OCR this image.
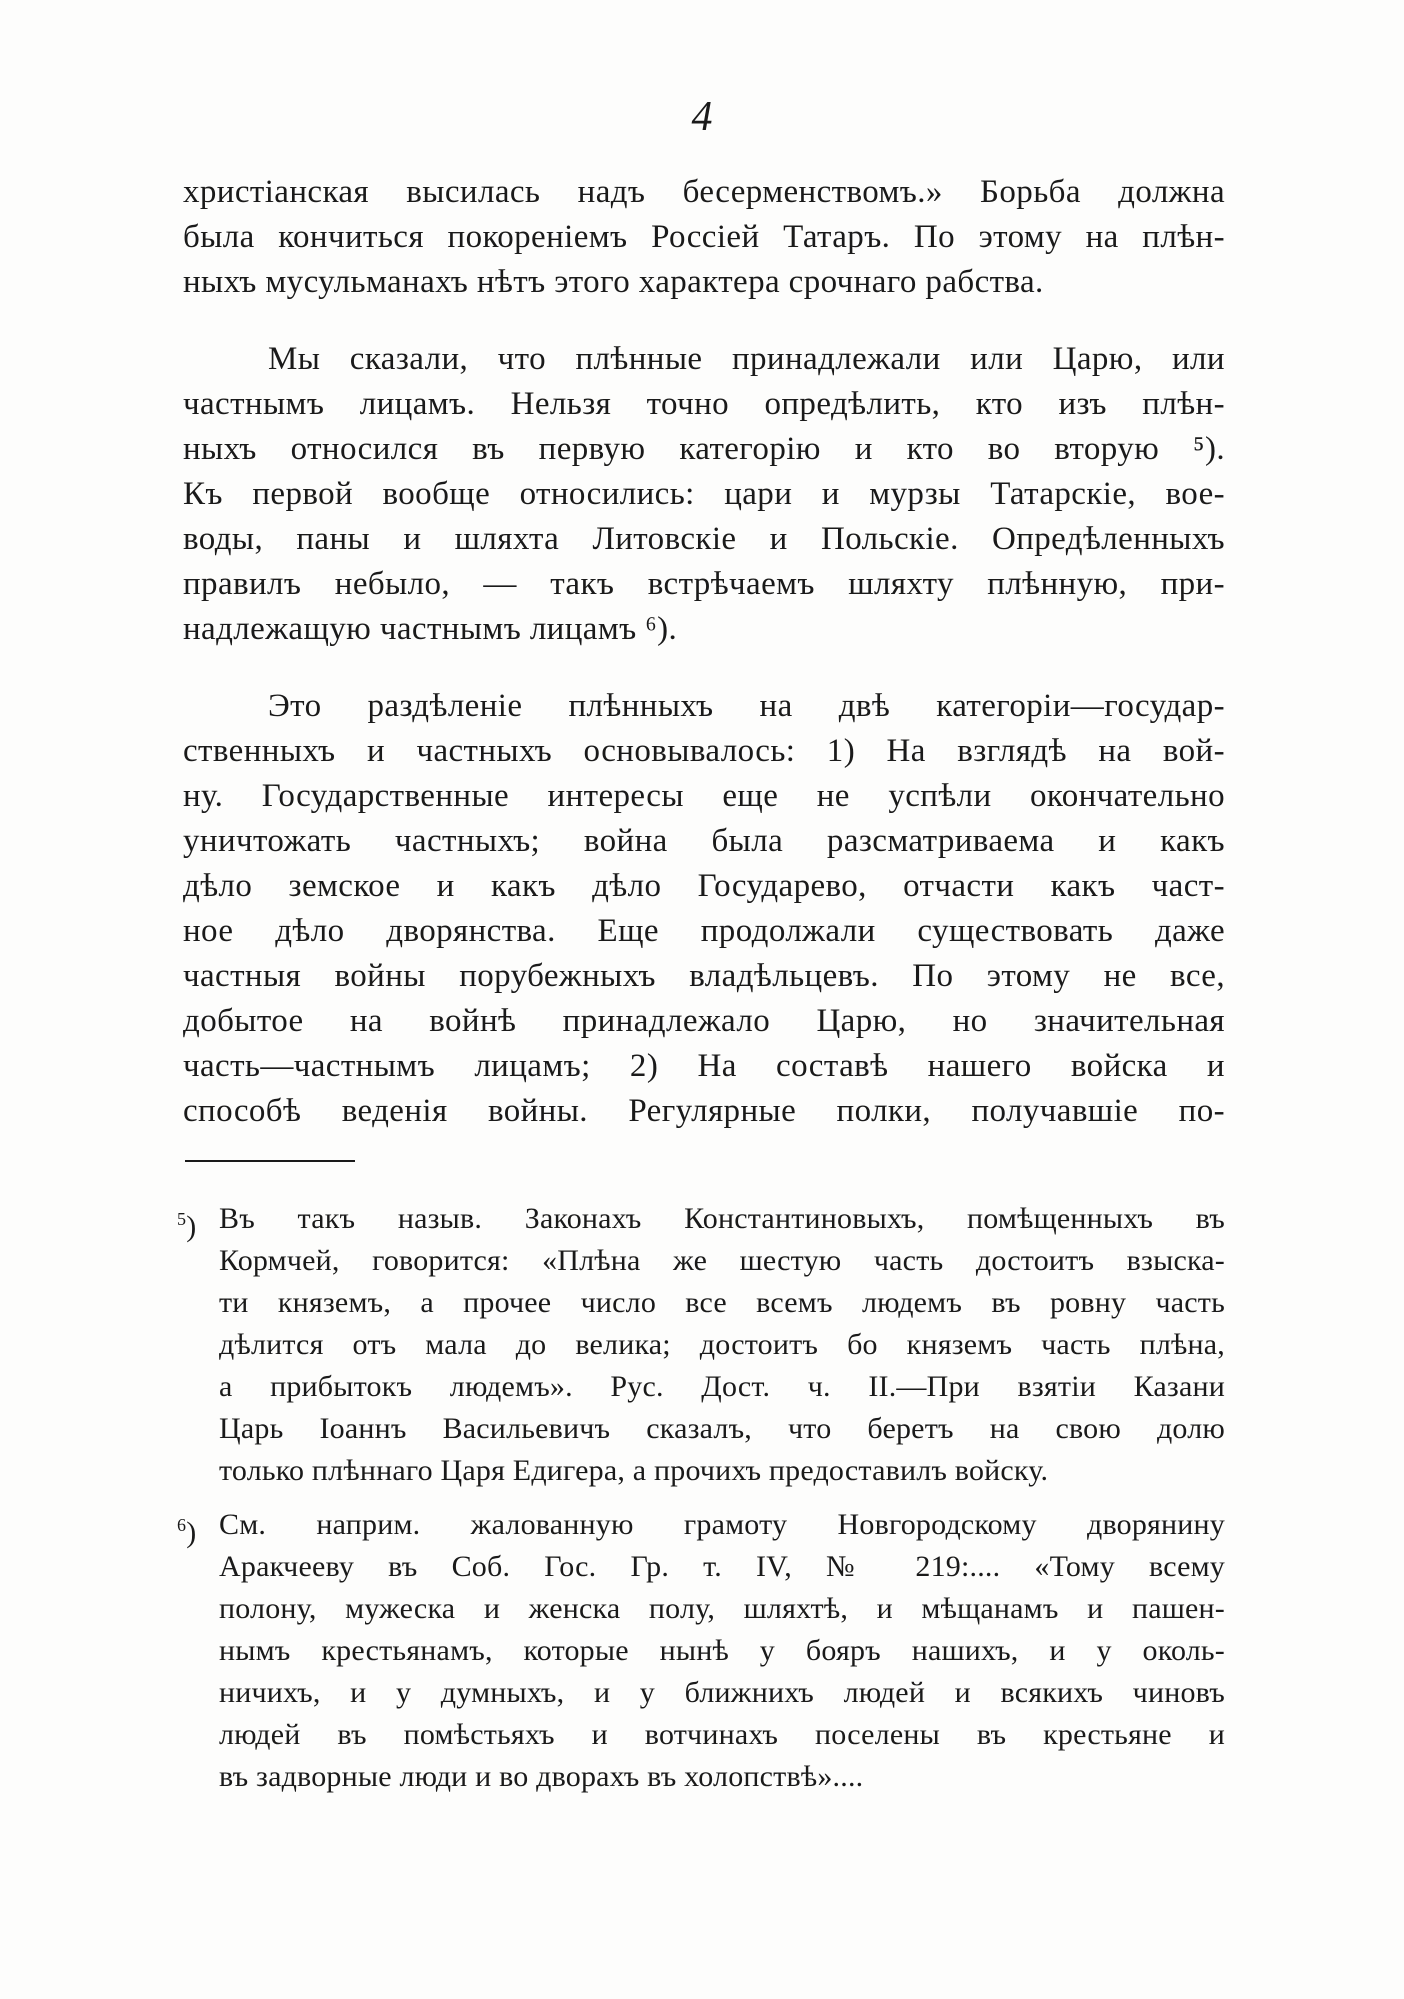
4

христіанская высилась надъ бесерменствомъ.» Борьба должна
была кончиться покореніемъ Россіей Татаръ. По этому на плѣн-
ныхъ мусульманахъ нѣтъ этого характера срочнаго рабства.

Мы сказали, что плѣнные принадлежали или Царю, или
частнымъ лицамъ. Нельзя точно опредѣлить, кто изъ плѣн-
ныхъ относился въ первую категорію и кто во вторую ⁵).
Къ первой вообще относились: цари и мурзы Татарскіе, вое-
воды, паны и шляхта Литовскіе и Польскіе. Опредѣленныхъ
правилъ небыло, — такъ встрѣчаемъ шляхту плѣнную, при-
надлежащую частнымъ лицамъ ⁶).

Это раздѣленіе плѣнныхъ на двѣ категоріи—государ-
ственныхъ и частныхъ основывалось: 1) На взглядѣ на вой-
ну. Государственные интересы еще не успѣли окончательно
уничтожать частныхъ; война была разсматриваема и какъ
дѣло земское и какъ дѣло Государево, отчасти какъ част-
ное дѣло дворянства. Еще продолжали существовать даже
частныя войны порубежныхъ владѣльцевъ. По этому не все,
добытое на войнѣ принадлежало Царю, но значительная
часть—частнымъ лицамъ; 2) На составѣ нашего войска и
способѣ веденія войны. Регулярные полки, получавшіе по-

$^5$) Въ такъ назыв. Законахъ Константиновыхъ, помѣщенныхъ въ
Кормчей, говорится: «Плѣна же шестую часть достоитъ взыска-
ти княземъ, а прочее число все всемъ людемъ въ ровну часть
дѣлится отъ мала до велика; достоитъ бо княземъ часть плѣна,
а прибытокъ людемъ». Рус. Дост. ч. II.—При взятіи Казани
Царь Іоаннъ Васильевичъ сказалъ, что беретъ на свою долю
только плѣннаго Царя Едигера, а прочихъ предоставилъ войску.
$^6$) См. наприм. жалованную грамоту Новгородскому дворянину
Аракчееву въ Соб. Гос. Гр. т. IV, № 219:.... «Тому всему
полону, мужеска и женска полу, шляхтѣ, и мѣщанамъ и пашен-
нымъ крестьянамъ, которые нынѣ у бояръ нашихъ, и у околь-
ничихъ, и у думныхъ, и у ближнихъ людей и всякихъ чиновъ
людей въ помѣстьяхъ и вотчинахъ поселены въ крестьяне и
въ задворные люди и во дворахъ въ холопствѣ»....
